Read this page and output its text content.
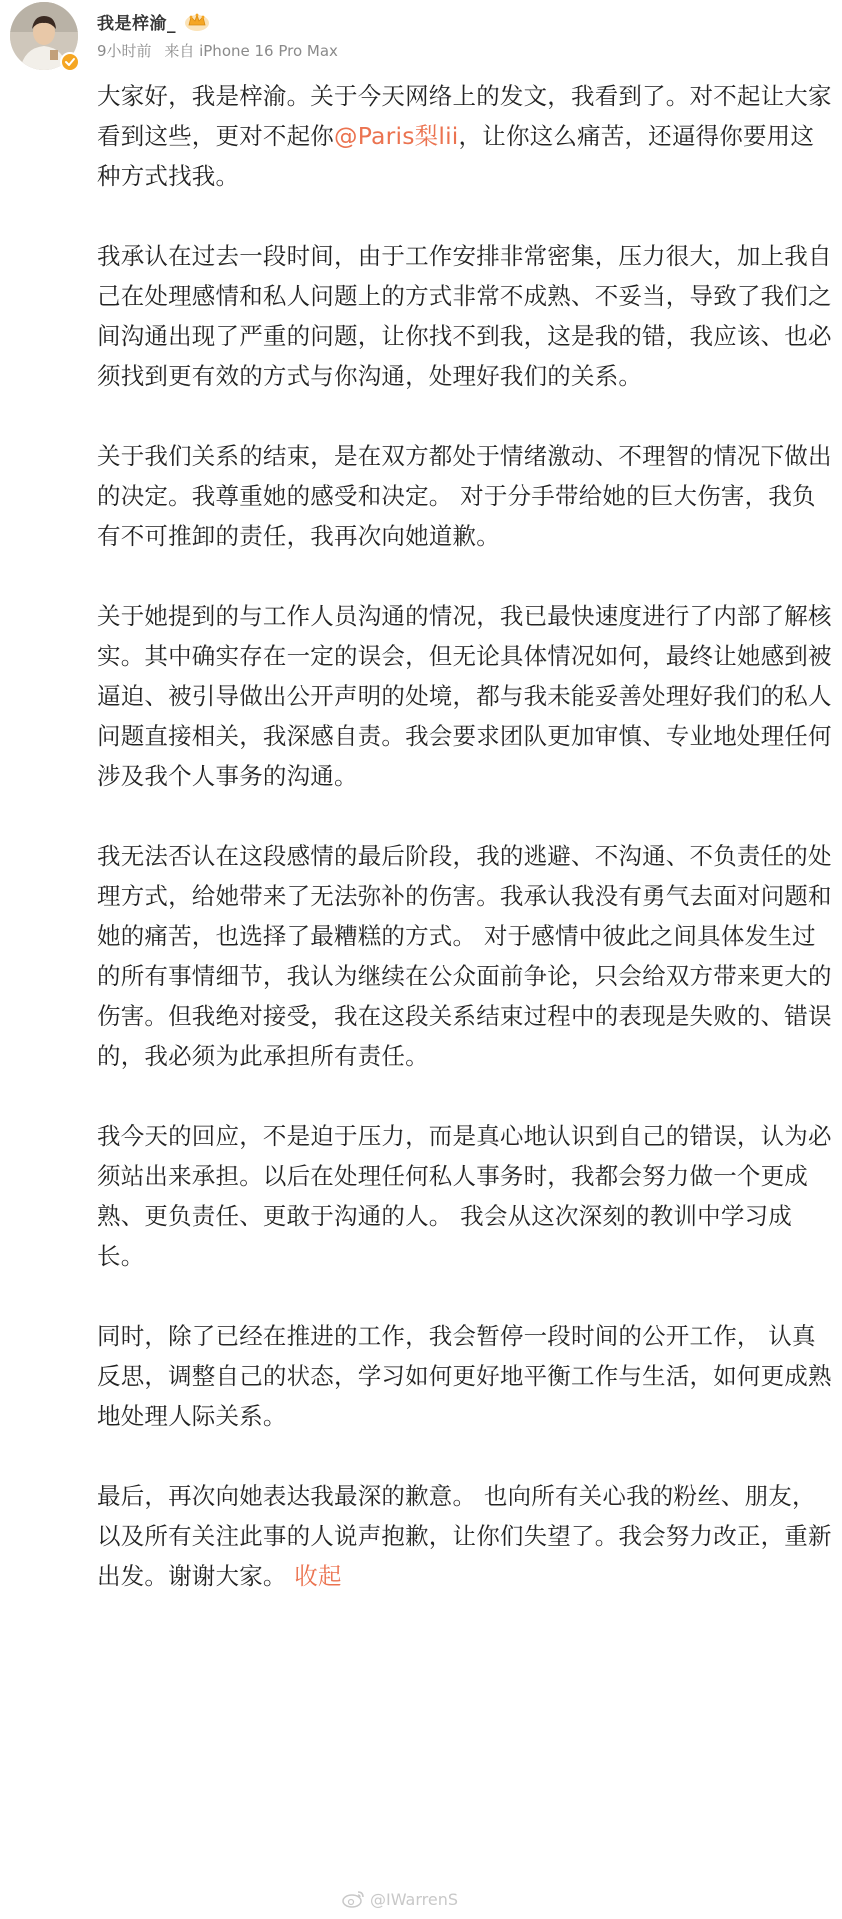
我是梓渝_
9小时前 来自 iPhone 16 Pro Max

大家好，我是梓渝。关于今天网络上的发文，我看到了。对不起让大家看到这些，更对不起你@Paris梨lii，让你这么痛苦，还逼得你要用这种方式找我。

我承认在过去一段时间，由于工作安排非常密集，压力很大，加上我自己在处理感情和私人问题上的方式非常不成熟、不妥当，导致了我们之间沟通出现了严重的问题，让你找不到我，这是我的错，我应该、也必须找到更有效的方式与你沟通，处理好我们的关系。

关于我们关系的结束，是在双方都处于情绪激动、不理智的情况下做出的决定。我尊重她的感受和决定。 对于分手带给她的巨大伤害，我负有不可推卸的责任，我再次向她道歉。

关于她提到的与工作人员沟通的情况，我已最快速度进行了内部了解核实。其中确实存在一定的误会，但无论具体情况如何，最终让她感到被逼迫、被引导做出公开声明的处境，都与我未能妥善处理好我们的私人问题直接相关，我深感自责。我会要求团队更加审慎、专业地处理任何涉及我个人事务的沟通。

我无法否认在这段感情的最后阶段，我的逃避、不沟通、不负责任的处理方式，给她带来了无法弥补的伤害。我承认我没有勇气去面对问题和她的痛苦，也选择了最糟糕的方式。 对于感情中彼此之间具体发生过的所有事情细节，我认为继续在公众面前争论，只会给双方带来更大的伤害。但我绝对接受，我在这段关系结束过程中的表现是失败的、错误的，我必须为此承担所有责任。

我今天的回应，不是迫于压力，而是真心地认识到自己的错误，认为必须站出来承担。以后在处理任何私人事务时，我都会努力做一个更成熟、更负责任、更敢于沟通的人。 我会从这次深刻的教训中学习成长。

同时，除了已经在推进的工作，我会暂停一段时间的公开工作， 认真反思，调整自己的状态，学习如何更好地平衡工作与生活，如何更成熟地处理人际关系。

最后，再次向她表达我最深的歉意。 也向所有关心我的粉丝、朋友，以及所有关注此事的人说声抱歉，让你们失望了。我会努力改正，重新出发。谢谢大家。 收起

@IWarrenS
